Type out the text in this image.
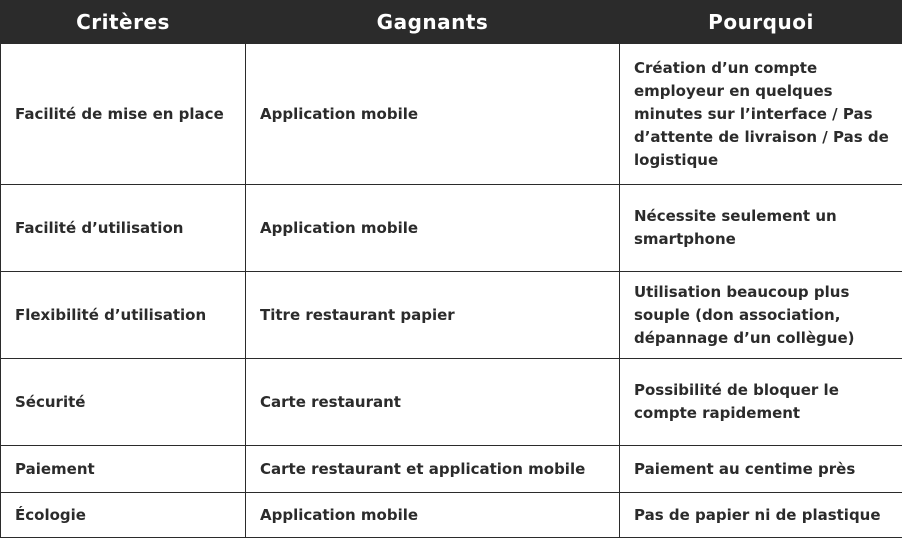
Critères	Gagnants	Pourquoi
Facilité de mise en place	Application mobile	Création d’un compte employeur en quelques minutes sur l’interface / Pas d’attente de livraison / Pas de logistique
Facilité d’utilisation	Application mobile	Nécessite seulement un smartphone
Flexibilité d’utilisation	Titre restaurant papier	Utilisation beaucoup plus souple (don association, dépannage d’un collègue)
Sécurité	Carte restaurant	Possibilité de bloquer le compte rapidement
Paiement	Carte restaurant et application mobile	Paiement au centime près
Écologie	Application mobile	Pas de papier ni de plastique
